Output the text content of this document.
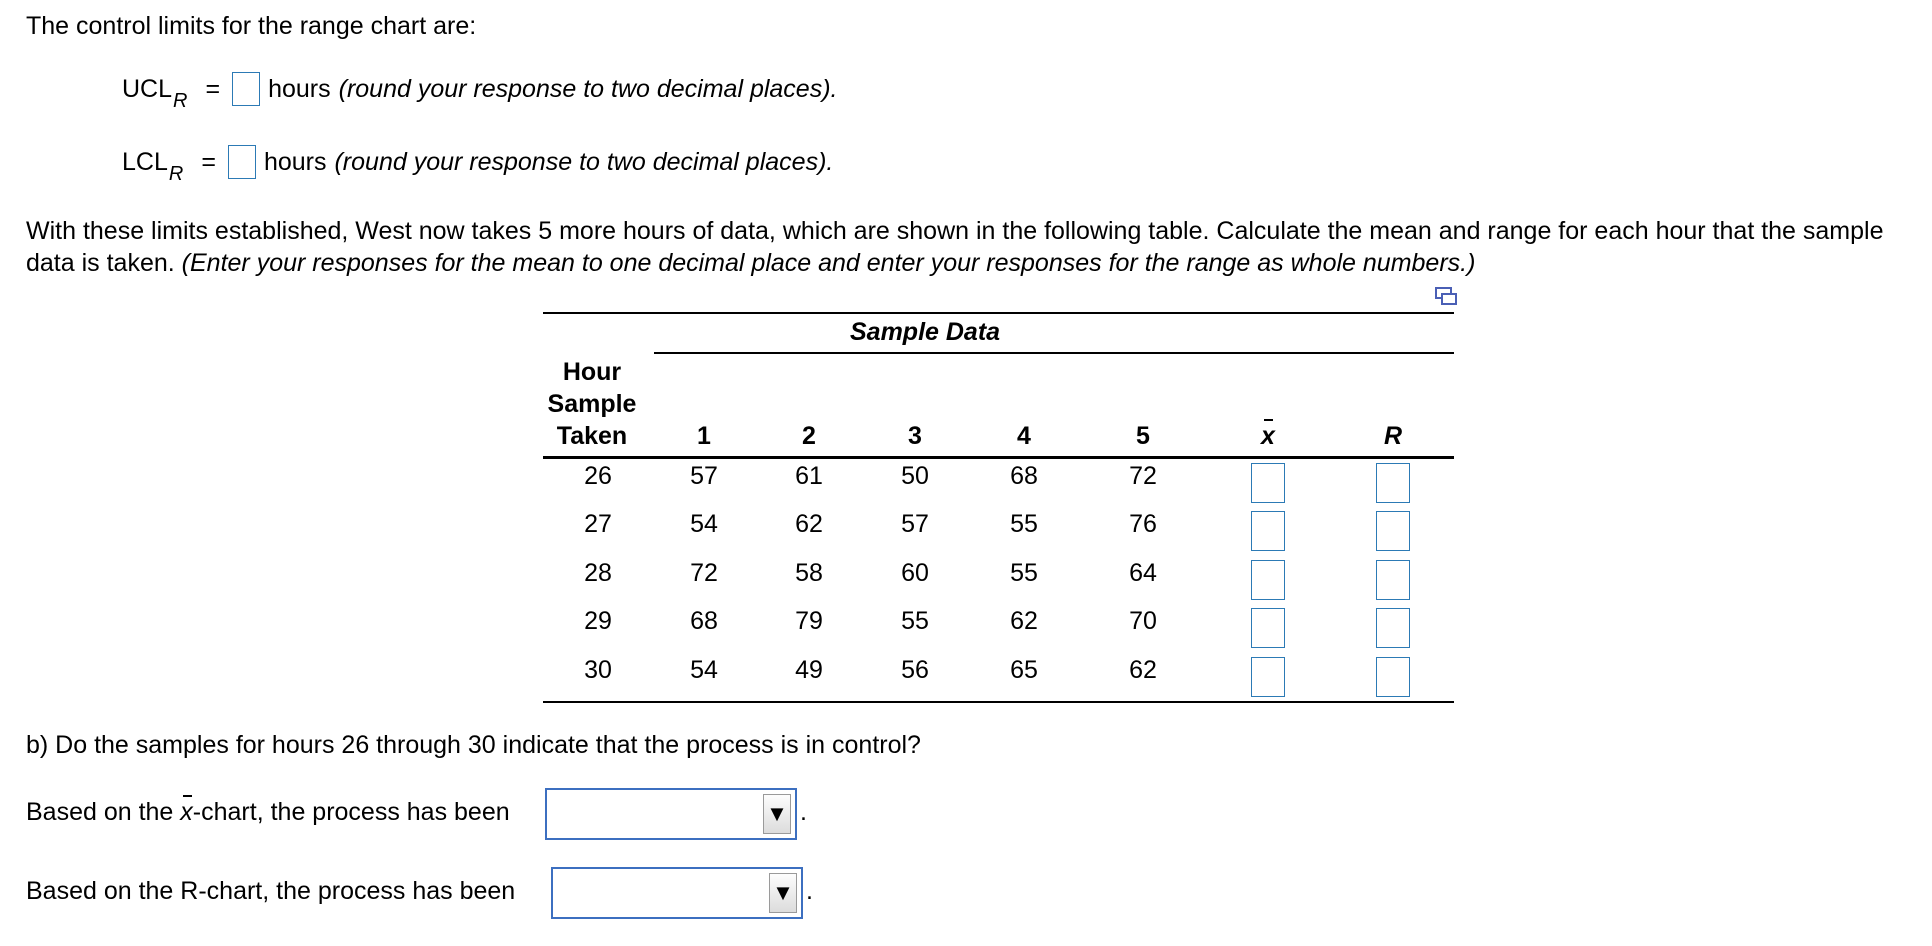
The control limits for the range chart are:
$UCL_R$ = hours (round your response to two decimal places).
$LCL_R$ = hours (round your response to two decimal places).
With these limits established, West now takes 5 more hours of data, which are shown in the following table. Calculate the mean and range for each hour that the sample data is taken. (Enter your responses for the mean to one decimal place and enter your responses for the range as whole numbers.)
Sample Data
Hour
Sample
Taken	1	2	3	4	5	x	R
26	57	61	50	68	72
27	54	62	57	55	76
28	72	58	60	55	64
29	68	79	55	62	70
30	54	49	56	65	62
b) Do the samples for hours 26 through 30 indicate that the process is in control?
Based on the x-chart, the process has been	▼ .
Based on the R-chart, the process has been	▼ .
